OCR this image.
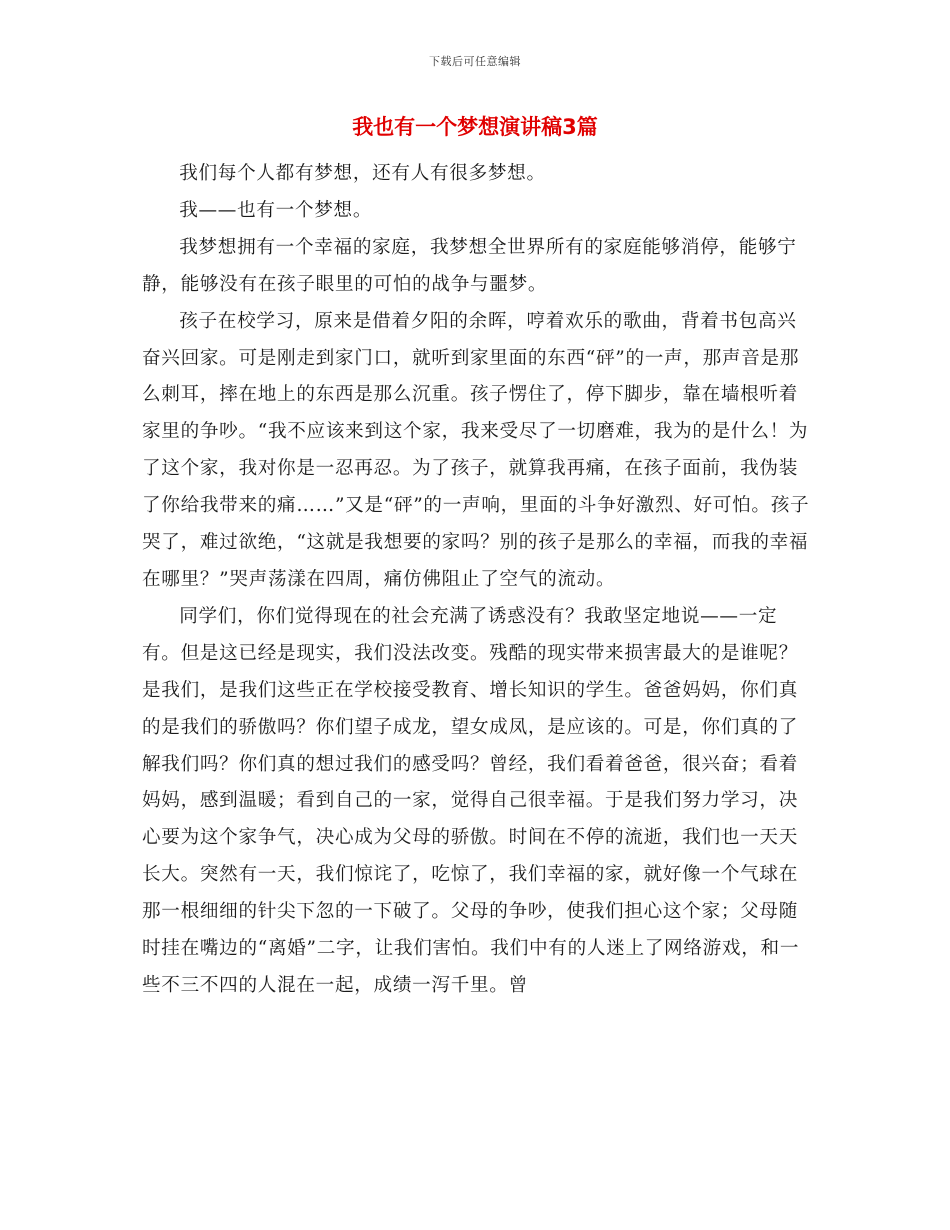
下载后可任意编辑
我也有一个梦想演讲稿3篇

我们每个人都有梦想，还有人有很多梦想。

我——也有一个梦想。

我梦想拥有一个幸福的家庭，我梦想全世界所有的家庭能够消停，能够宁静，能够没有在孩子眼里的可怕的战争与噩梦。

孩子在校学习，原来是借着夕阳的余晖，哼着欢乐的歌曲，背着书包高兴奋兴回家。可是刚走到家门口，就听到家里面的东西“砰”的一声，那声音是那么刺耳，摔在地上的东西是那么沉重。孩子愣住了，停下脚步，靠在墙根听着家里的争吵。“我不应该来到这个家，我来受尽了一切磨难，我为的是什么！为了这个家，我对你是一忍再忍。为了孩子，就算我再痛，在孩子面前，我伪装了你给我带来的痛……”又是“砰”的一声响，里面的斗争好激烈、好可怕。孩子哭了，难过欲绝，“这就是我想要的家吗？别的孩子是那么的幸福，而我的幸福在哪里？”哭声荡漾在四周，痛仿佛阻止了空气的流动。

同学们，你们觉得现在的社会充满了诱惑没有？我敢坚定地说——一定有。但是这已经是现实，我们没法改变。残酷的现实带来损害最大的是谁呢？是我们，是我们这些正在学校接受教育、增长知识的学生。爸爸妈妈，你们真的是我们的骄傲吗？你们望子成龙，望女成凤，是应该的。可是，你们真的了解我们吗？你们真的想过我们的感受吗？曾经，我们看着爸爸，很兴奋；看着妈妈，感到温暖；看到自己的一家，觉得自己很幸福。于是我们努力学习，决心要为这个家争气，决心成为父母的骄傲。时间在不停的流逝，我们也一天天长大。突然有一天，我们惊诧了，吃惊了，我们幸福的家，就好像一个气球在那一根细细的针尖下忽的一下破了。父母的争吵，使我们担心这个家；父母随时挂在嘴边的“离婚”二字，让我们害怕。我们中有的人迷上了网络游戏，和一些不三不四的人混在一起，成绩一泻千里。曾
